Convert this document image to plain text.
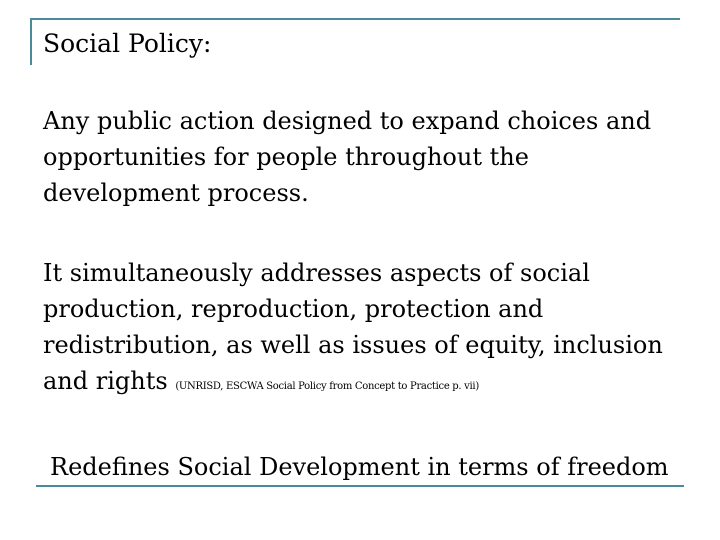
Social Policy:
Any public action designed to expand choices and opportunities for people throughout the development process.
It simultaneously addresses aspects of social production, reproduction, protection and redistribution, as well as issues of equity, inclusion and rights (UNRISD, ESCWA Social Policy from Concept to Practice p. vii)
Redefines Social Development in terms of freedom
